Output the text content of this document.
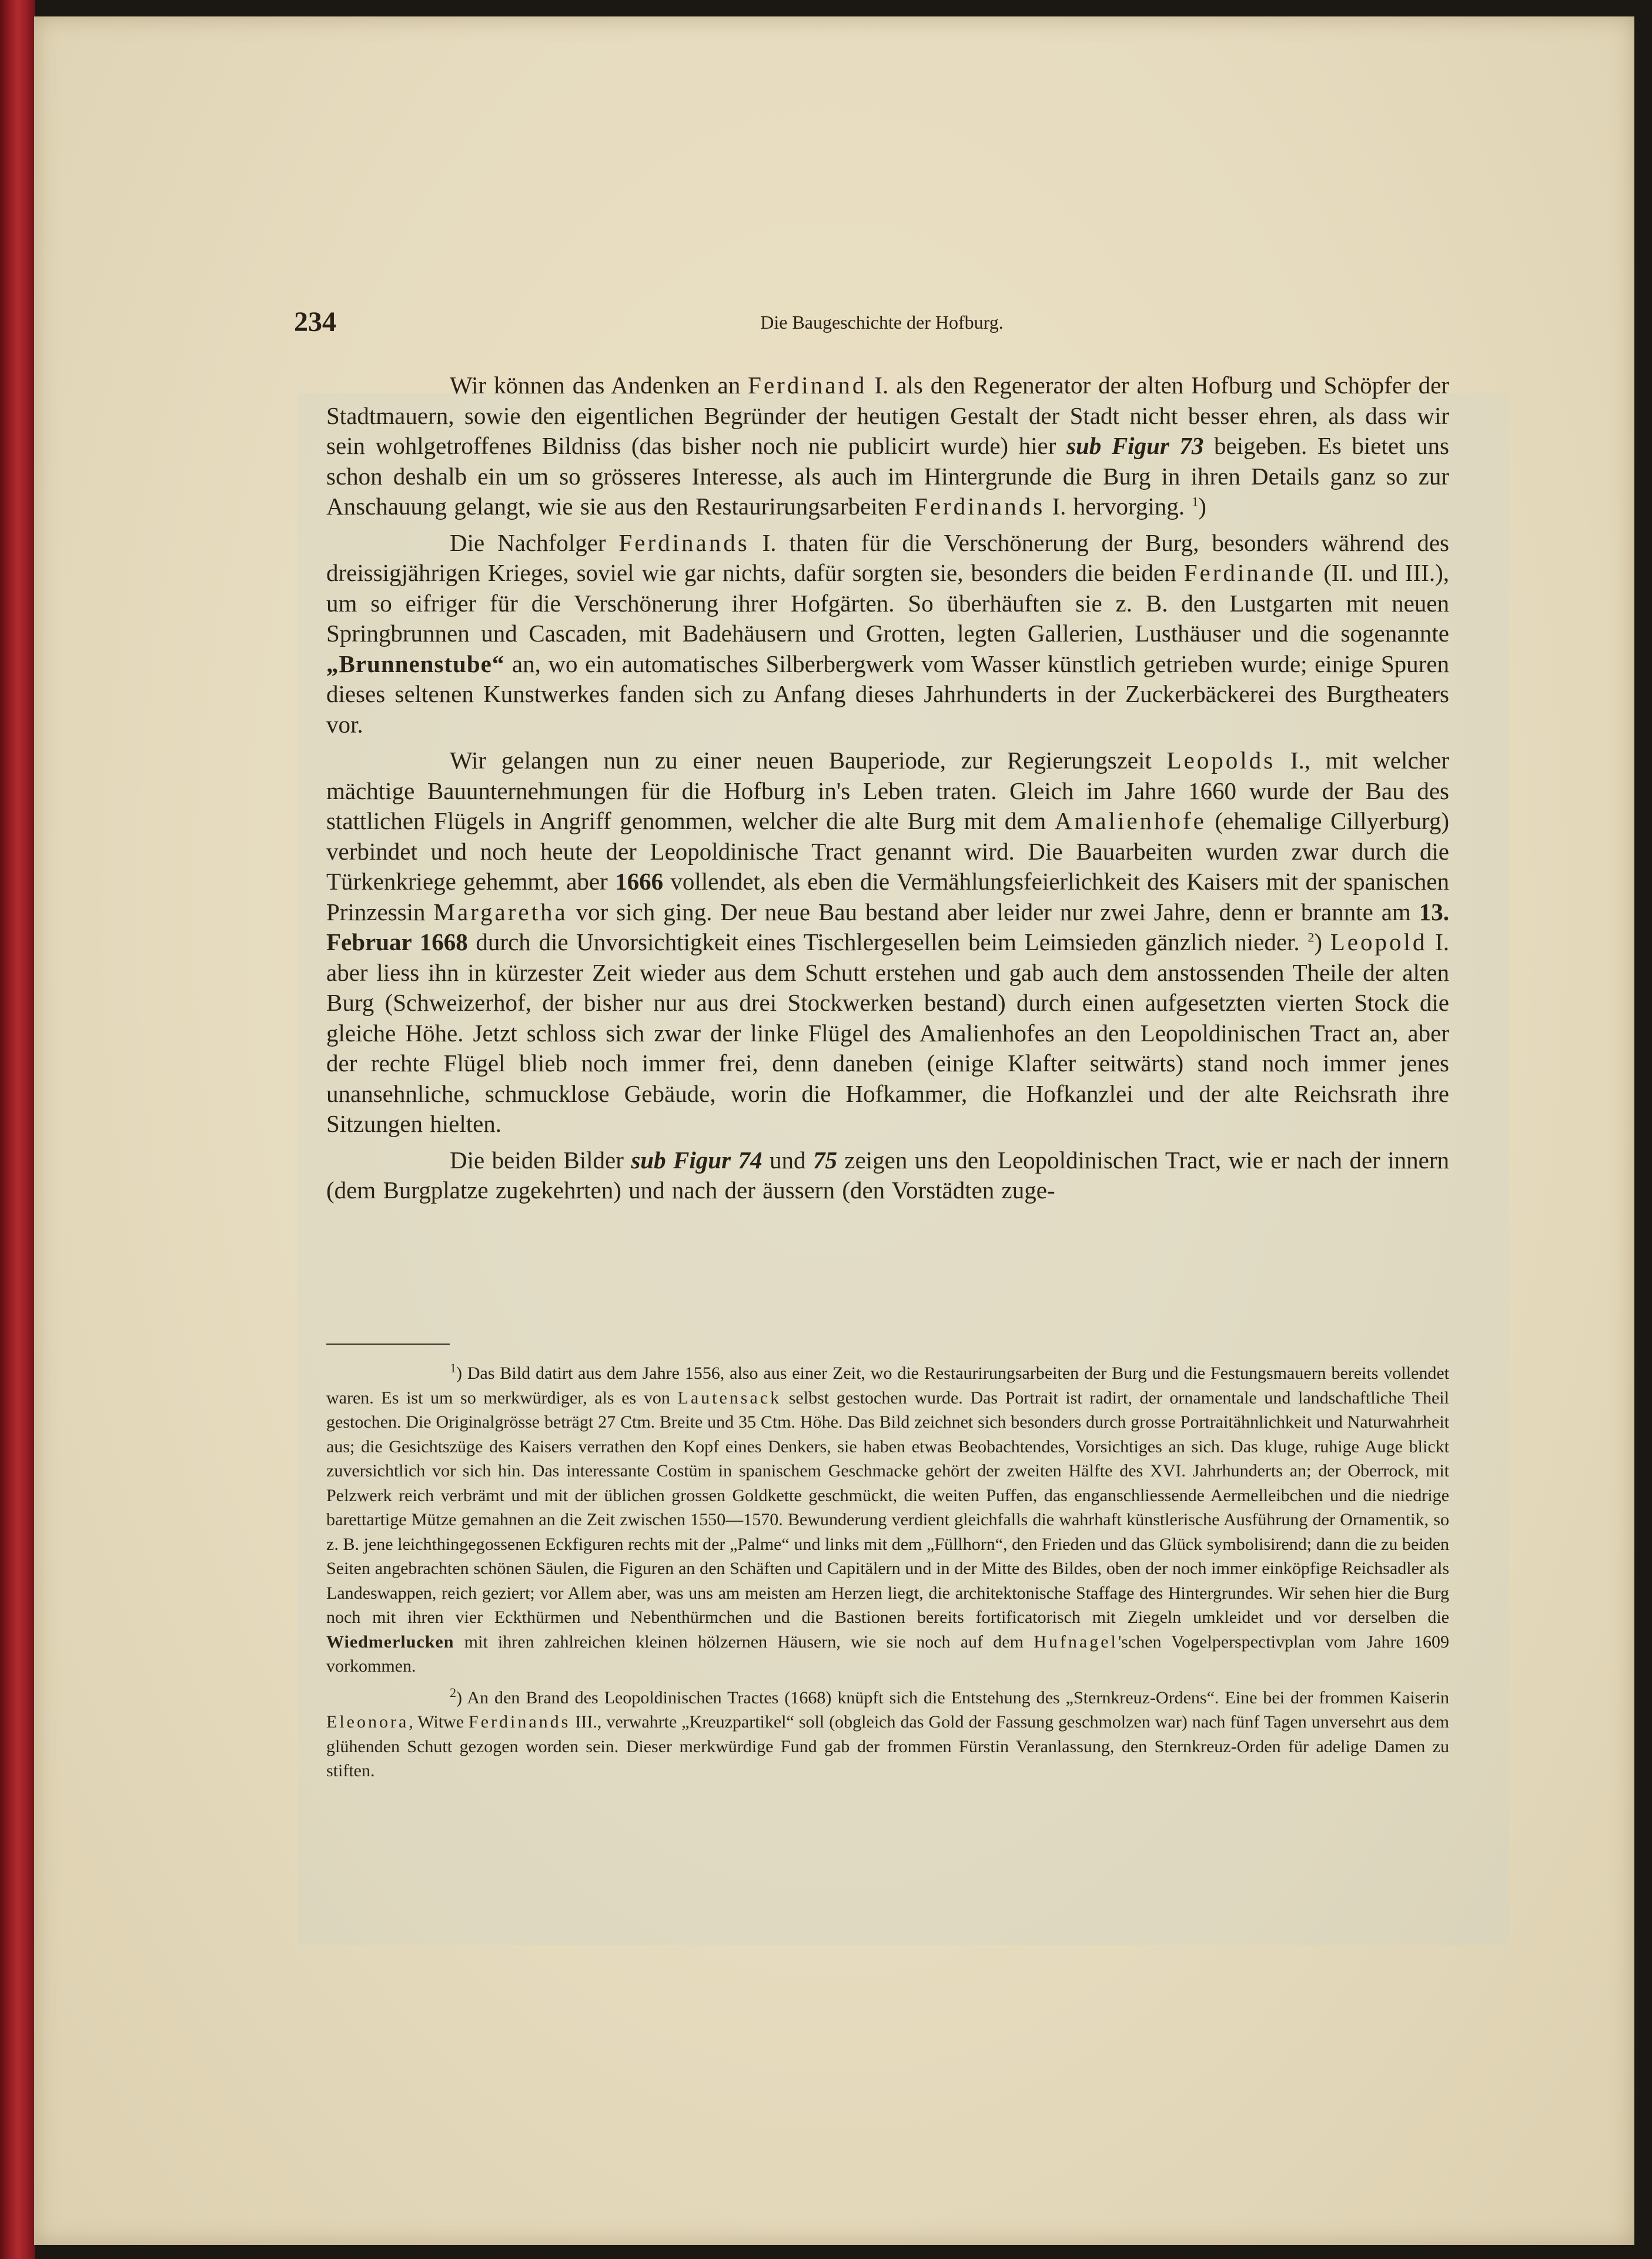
234	Die Baugeschichte der Hofburg.

Wir können das Andenken an Ferdinand I. als den Regenerator der alten Hofburg und Schöpfer der Stadtmauern, sowie den eigentlichen Begründer der heutigen Gestalt der Stadt nicht besser ehren, als dass wir sein wohlgetroffenes Bildniss (das bisher noch nie publicirt wurde) hier sub Figur 73 beigeben. Es bietet uns schon deshalb ein um so grösseres Interesse, als auch im Hintergrunde die Burg in ihren Details ganz so zur Anschauung gelangt, wie sie aus den Restaurirungsarbeiten Ferdinands I. hervorging. $^1$)

Die Nachfolger Ferdinands I. thaten für die Verschönerung der Burg, besonders während des dreissigjährigen Krieges, soviel wie gar nichts, dafür sorgten sie, besonders die beiden Ferdinande (II. und III.), um so eifriger für die Verschönerung ihrer Hofgärten. So überhäuften sie z. B. den Lustgarten mit neuen Springbrunnen und Cascaden, mit Badehäusern und Grotten, legten Gallerien, Lusthäuser und die sogenannte „Brunnenstube“ an, wo ein automatisches Silberbergwerk vom Wasser künstlich getrieben wurde; einige Spuren dieses seltenen Kunstwerkes fanden sich zu Anfang dieses Jahrhunderts in der Zuckerbäckerei des Burgtheaters vor.

Wir gelangen nun zu einer neuen Bauperiode, zur Regierungszeit Leopolds I., mit welcher mächtige Bauunternehmungen für die Hofburg in's Leben traten. Gleich im Jahre 1660 wurde der Bau des stattlichen Flügels in Angriff genommen, welcher die alte Burg mit dem Amalienhofe (ehemalige Cillyerburg) verbindet und noch heute der Leopoldinische Tract genannt wird. Die Bauarbeiten wurden zwar durch die Türkenkriege gehemmt, aber 1666 vollendet, als eben die Vermählungsfeierlichkeit des Kaisers mit der spanischen Prinzessin Margaretha vor sich ging. Der neue Bau bestand aber leider nur zwei Jahre, denn er brannte am 13. Februar 1668 durch die Unvorsichtigkeit eines Tischlergesellen beim Leimsieden gänzlich nieder. $^2$) Leopold I. aber liess ihn in kürzester Zeit wieder aus dem Schutt erstehen und gab auch dem anstossenden Theile der alten Burg (Schweizerhof, der bisher nur aus drei Stockwerken bestand) durch einen aufgesetzten vierten Stock die gleiche Höhe. Jetzt schloss sich zwar der linke Flügel des Amalienhofes an den Leopoldinischen Tract an, aber der rechte Flügel blieb noch immer frei, denn daneben (einige Klafter seitwärts) stand noch immer jenes unansehnliche, schmucklose Gebäude, worin die Hofkammer, die Hofkanzlei und der alte Reichsrath ihre Sitzungen hielten.

Die beiden Bilder sub Figur 74 und 75 zeigen uns den Leopoldinischen Tract, wie er nach der innern (dem Burgplatze zugekehrten) und nach der äussern (den Vorstädten zuge-

$^1$) Das Bild datirt aus dem Jahre 1556, also aus einer Zeit, wo die Restaurirungsarbeiten der Burg und die Festungsmauern bereits vollendet waren. Es ist um so merkwürdiger, als es von Lautensack selbst gestochen wurde. Das Portrait ist radirt, der ornamentale und landschaftliche Theil gestochen. Die Originalgrösse beträgt 27 Ctm. Breite und 35 Ctm. Höhe. Das Bild zeichnet sich besonders durch grosse Portraitähnlichkeit und Naturwahrheit aus; die Gesichtszüge des Kaisers verrathen den Kopf eines Denkers, sie haben etwas Beobachtendes, Vorsichtiges an sich. Das kluge, ruhige Auge blickt zuversichtlich vor sich hin. Das interessante Costüm in spanischem Geschmacke gehört der zweiten Hälfte des XVI. Jahrhunderts an; der Oberrock, mit Pelzwerk reich verbrämt und mit der üblichen grossen Goldkette geschmückt, die weiten Puffen, das enganschliessende Aermelleibchen und die niedrige barettartige Mütze gemahnen an die Zeit zwischen 1550—1570. Bewunderung verdient gleichfalls die wahrhaft künstlerische Ausführung der Ornamentik, so z. B. jene leichthingegossenen Eckfiguren rechts mit der „Palme“ und links mit dem „Füllhorn“, den Frieden und das Glück symbolisirend; dann die zu beiden Seiten angebrachten schönen Säulen, die Figuren an den Schäften und Capitälern und in der Mitte des Bildes, oben der noch immer einköpfige Reichsadler als Landeswappen, reich geziert; vor Allem aber, was uns am meisten am Herzen liegt, die architektonische Staffage des Hintergrundes. Wir sehen hier die Burg noch mit ihren vier Eckthürmen und Nebenthürmchen und die Bastionen bereits fortificatorisch mit Ziegeln umkleidet und vor derselben die Wiedmerlucken mit ihren zahlreichen kleinen hölzernen Häusern, wie sie noch auf dem Hufnagel'schen Vogelperspectivplan vom Jahre 1609 vorkommen.

$^2$) An den Brand des Leopoldinischen Tractes (1668) knüpft sich die Entstehung des „Sternkreuz-Ordens“. Eine bei der frommen Kaiserin Eleonora, Witwe Ferdinands III., verwahrte „Kreuzpartikel“ soll (obgleich das Gold der Fassung geschmolzen war) nach fünf Tagen unversehrt aus dem glühenden Schutt gezogen worden sein. Dieser merkwürdige Fund gab der frommen Fürstin Veranlassung, den Sternkreuz-Orden für adelige Damen zu stiften.
